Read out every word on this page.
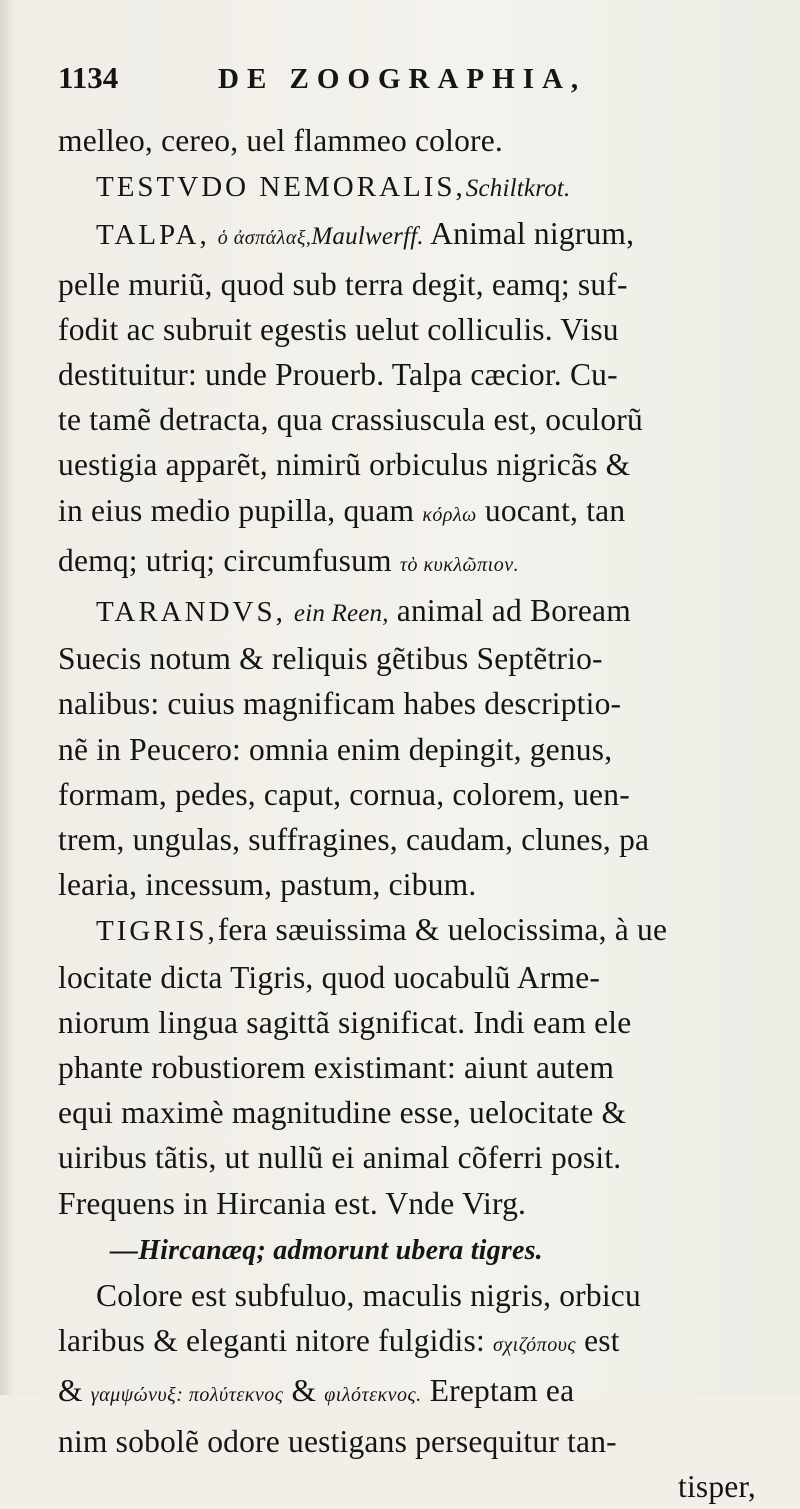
1134	DE ZOOGRAPHIA,
melleo, cereo, uel flammeo colore.
TESTVDO NEMORALIS,Schiltkrot.
TALPA, ὁ ἀσπάλαξ,Maulwerff. Animal nigrum,
pelle muriũ, quod sub terra degit, eamq; suf-
fodit ac subruit egestis uelut colliculis. Visu
destituitur: unde Prouerb. Talpa cæcior. Cu-
te tamẽ detracta, qua crassiuscula est, oculorũ
uestigia apparẽt, nimirũ orbiculus nigricãs &
in eius medio pupilla, quam κόρλω uocant, tan
demq; utriq; circumfusum τὸ κυκλῶπιον.
TARANDVS, ein Reen, animal ad Boream
Suecis notum & reliquis gẽtibus Septẽtrio-
nalibus: cuius magnificam habes descriptio-
nẽ in Peucero: omnia enim depingit, genus,
formam, pedes, caput, cornua, colorem, uen-
trem, ungulas, suffragines, caudam, clunes, pa
learia, incessum, pastum, cibum.
TIGRIS,fera sæuissima & uelocissima, à ue
locitate dicta Tigris, quod uocabulũ Arme-
niorum lingua sagittã significat. Indi eam ele
phante robustiorem existimant: aiunt autem
equi maximè magnitudine esse, uelocitate &
uiribus tãtis, ut nullũ ei animal cõferri posit.
Frequens in Hircania est. Vnde Virg.
—Hircanæq; admorunt ubera tigres.
Colore est subfuluo, maculis nigris, orbicu
laribus & eleganti nitore fulgidis: σχιζόπους est
& γαμψώνυξ: πολύτεκνος & φιλότεκνος. Ereptam ea
nim sobolẽ odore uestigans persequitur tan-
tisper,
